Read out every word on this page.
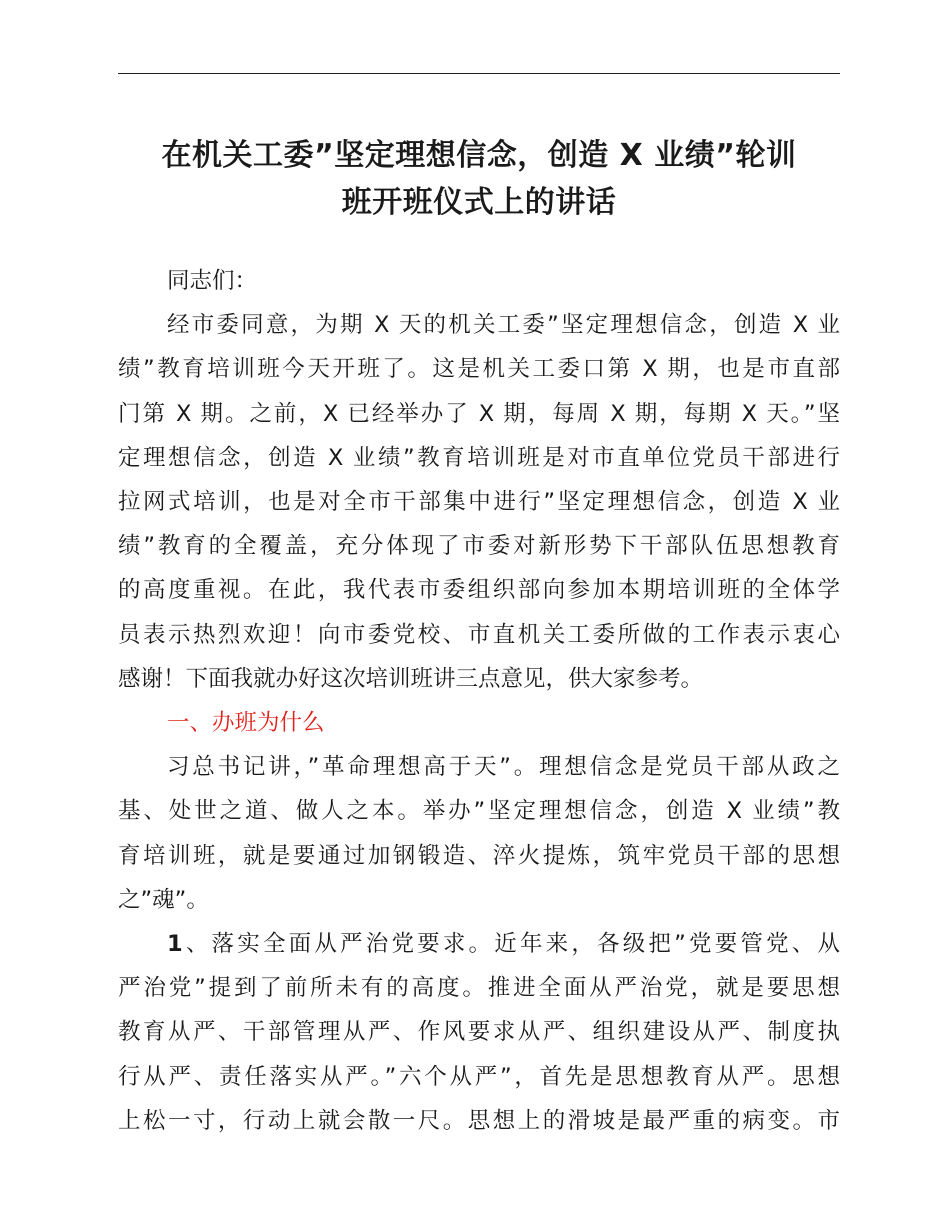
在机关工委”坚定理想信念，创造 X 业绩”轮训
班开班仪式上的讲话
同志们：
经市委同意，为期 X 天的机关工委”坚定理想信念，创造 X 业
绩”教育培训班今天开班了。这是机关工委口第 X 期，也是市直部
门第 X 期。之前，X 已经举办了 X 期，每周 X 期，每期 X 天。”坚
定理想信念，创造 X 业绩”教育培训班是对市直单位党员干部进行
拉网式培训，也是对全市干部集中进行”坚定理想信念，创造 X 业
绩”教育的全覆盖，充分体现了市委对新形势下干部队伍思想教育
的高度重视。在此，我代表市委组织部向参加本期培训班的全体学
员表示热烈欢迎！向市委党校、市直机关工委所做的工作表示衷心
感谢！下面我就办好这次培训班讲三点意见，供大家参考。
一、办班为什么
习总书记讲，”革命理想高于天”。理想信念是党员干部从政之
基、处世之道、做人之本。举办”坚定理想信念，创造 X 业绩”教
育培训班，就是要通过加钢锻造、淬火提炼，筑牢党员干部的思想
之”魂”。
1、落实全面从严治党要求。近年来，各级把”党要管党、从
严治党”提到了前所未有的高度。推进全面从严治党，就是要思想
教育从严、干部管理从严、作风要求从严、组织建设从严、制度执
行从严、责任落实从严。”六个从严”，首先是思想教育从严。思想
上松一寸，行动上就会散一尺。思想上的滑坡是最严重的病变。市
